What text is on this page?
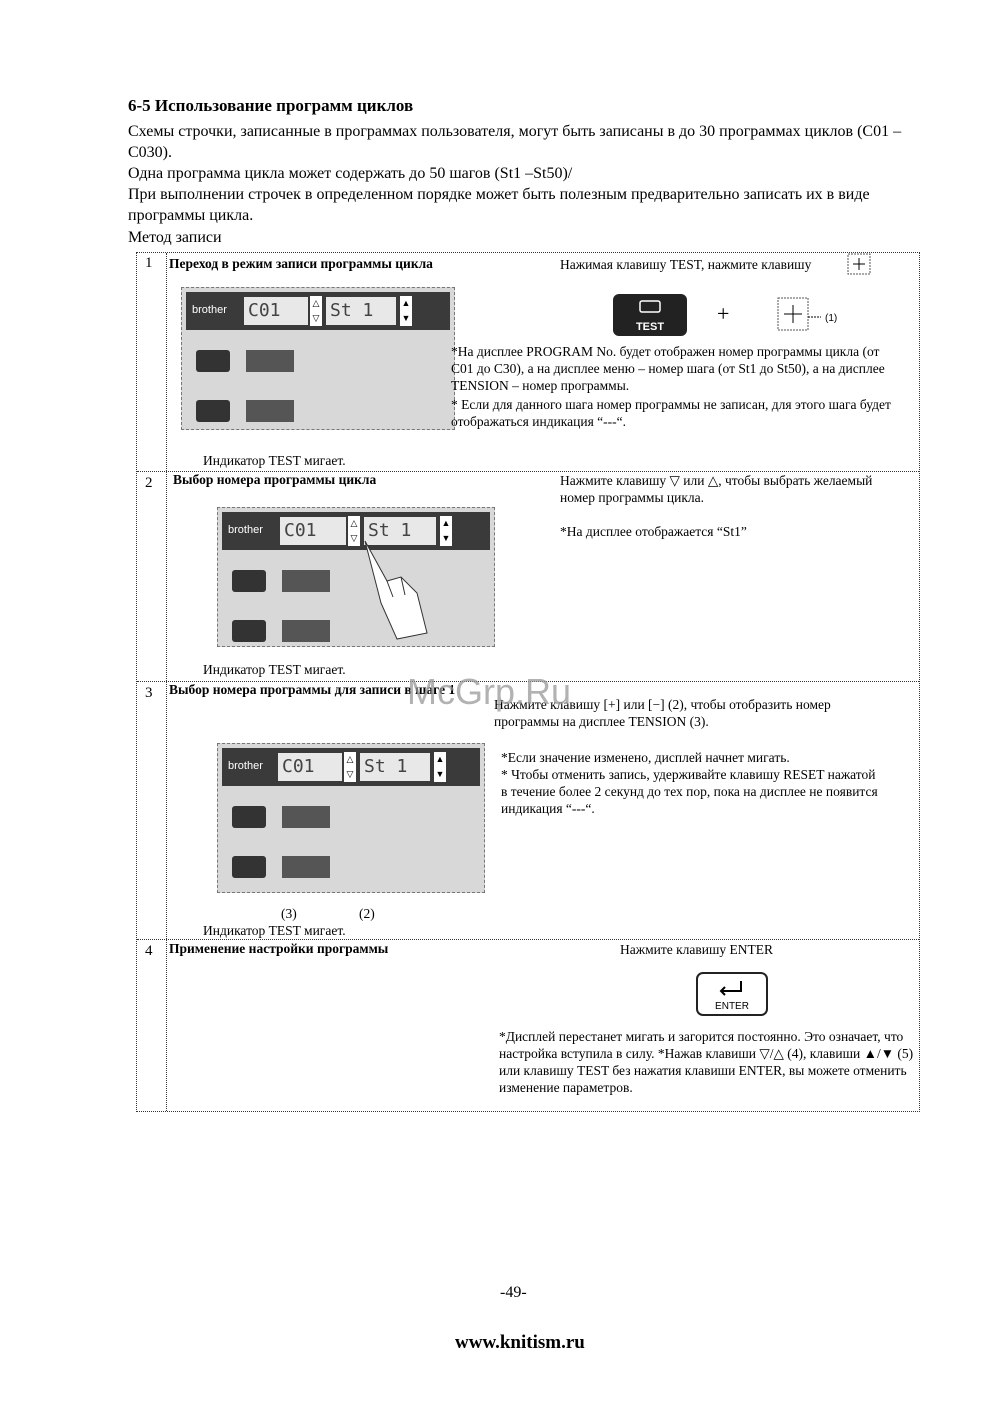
6-5 Использование программ циклов

Схемы строчки, записанные в программах пользователя, могут быть записаны в до 30 программах циклов (С01 – С030).

Одна программа цикла может содержать до 50 шагов (St1 –St50)/

При выполнении строчек в определенном порядке может быть полезным предварительно записать их в виде программы цикла.

Метод записи
1 Переход в режим записи программы цикла	Нажимая клавишу TEST, нажмите клавишу
brother C01	△
▽ St 1	▲
▼
TEST
+	(1)
*На дисплее PROGRAM No. будет отображен номер программы цикла (от С01 до С30), а на дисплее меню – номер шага (от St1 до St50), а на дисплее TENSION – номер программы.
* Если для данного шага номер программы не записан, для этого шага будет отображаться индикация “---“.
Индикатор TEST мигает.
2 Выбор номера программы цикла	Нажмите клавишу ▽ или △, чтобы выбрать желаемый номер программы цикла.
*На дисплее отображается “St1”
brother C01	△
▽ St 1	▲
▼
Индикатор TEST мигает.
3 Выбор номера программы для записи в шаге 1
Нажмите клавишу [+] или [−] (2), чтобы отобразить номер программы на дисплее TENSION (3).
*Если значение изменено, дисплей начнет мигать.
* Чтобы отменить запись, удерживайте клавишу RESET нажатой в течение более 2 секунд до тех пор, пока на дисплее не появится индикация “---“.
McGrp.Ru
brother C01	△
▽ St 1	▲
▼
(3)	(2)
Индикатор TEST мигает.
4 Применение настройки программы	Нажмите клавишу ENTER
ENTER
*Дисплей перестанет мигать и загорится постоянно. Это означает, что настройка вступила в силу. *Нажав клавиши ▽/△ (4), клавиши ▲/▼ (5) или клавишу TEST без нажатия клавиши ENTER, вы можете отменить изменение параметров.
-49-
www.knitism.ru
